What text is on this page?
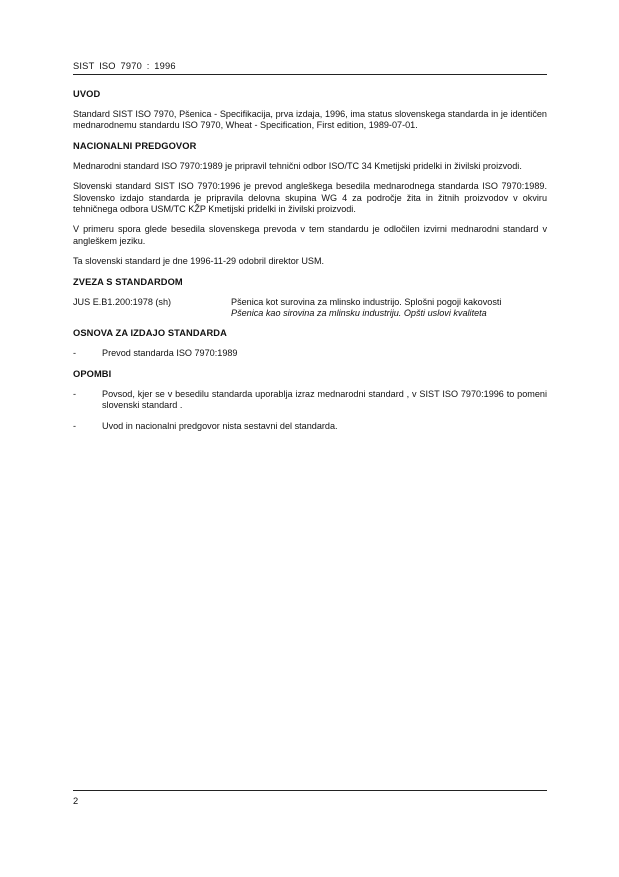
SIST ISO 7970 : 1996
UVOD

Standard SIST ISO 7970, Pšenica - Specifikacija, prva izdaja, 1996, ima status slovenskega standarda in je identičen mednarodnemu standardu ISO 7970, Wheat - Specification, First edition, 1989-07-01.

NACIONALNI PREDGOVOR

Mednarodni standard ISO 7970:1989 je pripravil tehnični odbor ISO/TC 34 Kmetijski pridelki in živilski proizvodi.

Slovenski standard SIST ISO 7970:1996 je prevod angleškega besedila mednarodnega standarda ISO 7970:1989. Slovensko izdajo standarda je pripravila delovna skupina WG 4 za področje žita in žitnih proizvodov v okviru tehničnega odbora USM/TC KŽP Kmetijski pridelki in živilski proizvodi.

V primeru spora glede besedila slovenskega prevoda v tem standardu je odločilen izvirni mednarodni standard v angleškem jeziku.

Ta slovenski standard je dne 1996-11-29 odobril direktor USM.

ZVEZA S STANDARDOM
JUS E.B1.200:1978 (sh)	Pšenica kot surovina za mlinsko industrijo. Splošni pogoji kakovosti
Pšenica kao sirovina za mlinsku industriju. Opšti uslovi kvaliteta
OSNOVA ZA IZDAJO STANDARDA
-	Prevod standarda ISO 7970:1989
OPOMBI
-	Povsod, kjer se v besedilu standarda uporablja izraz mednarodni standard , v SIST ISO 7970:1996 to pomeni slovenski standard .
-	Uvod in nacionalni predgovor nista sestavni del standarda.
2
